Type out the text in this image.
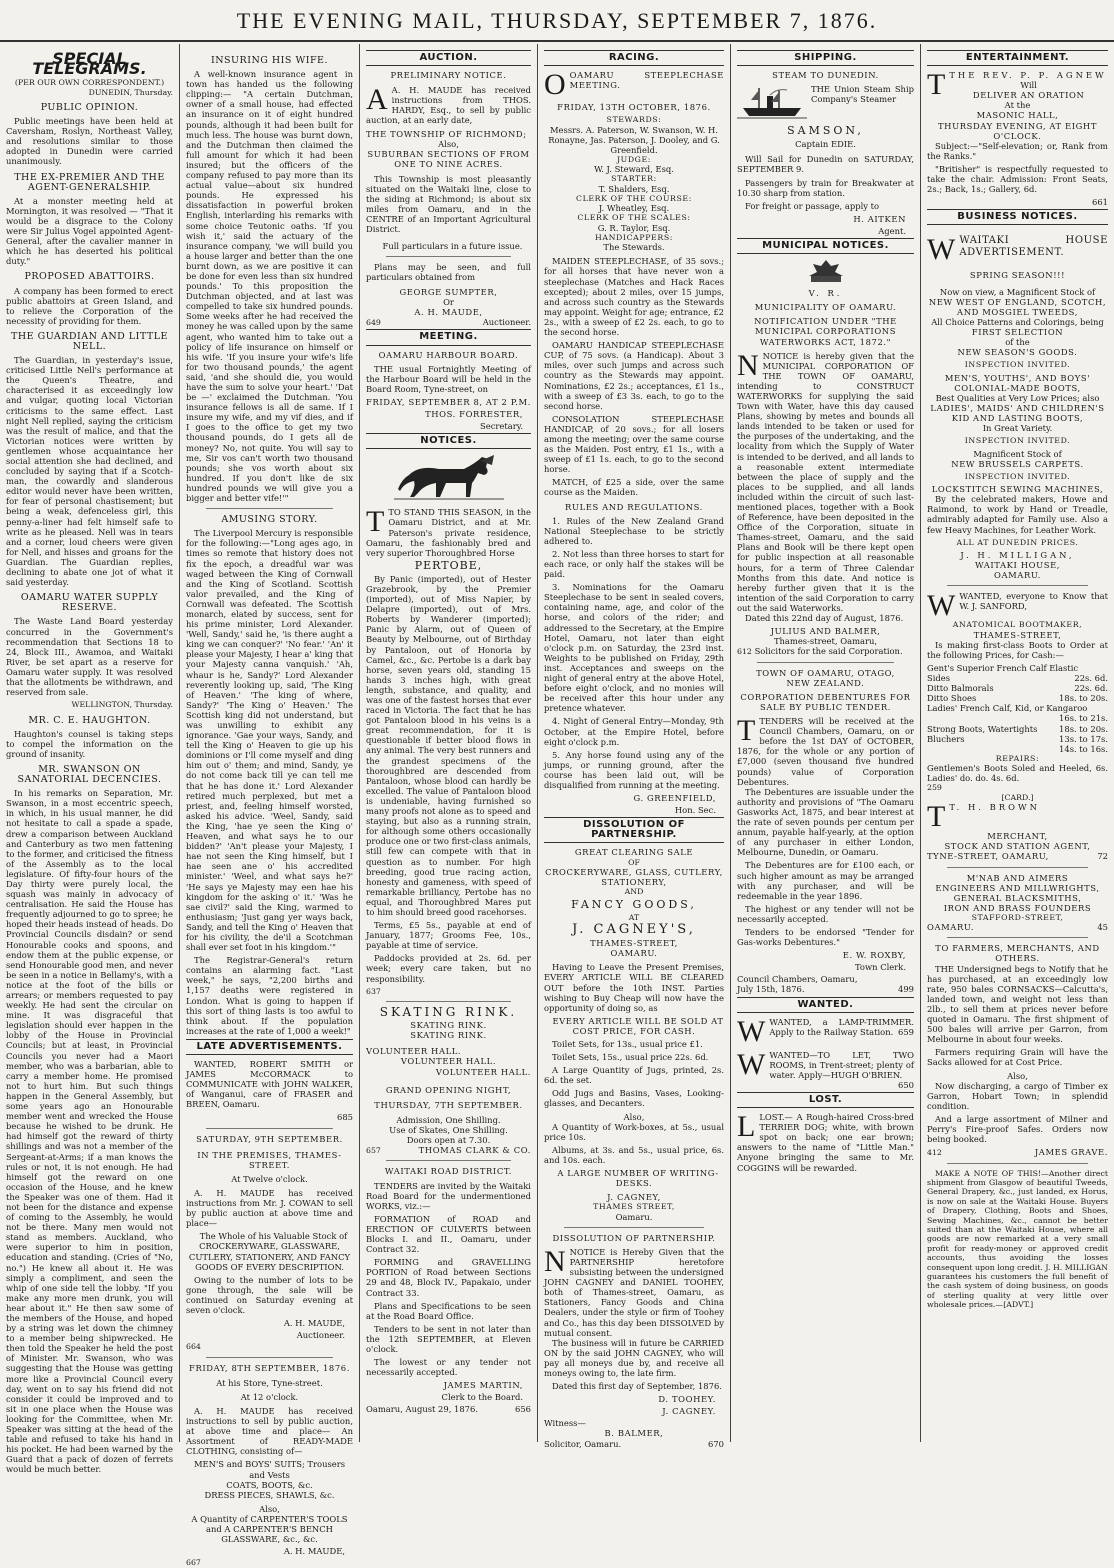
THE EVENING MAIL, THURSDAY, SEPTEMBER 7, 1876.
SPECIAL TELEGRAMS.
(PER OUR OWN CORRESPONDENT.)
DUNEDIN, Thursday.
PUBLIC OPINION.

Public meetings have been held at Caversham, Roslyn, Northeast Valley, and resolutions similar to those adopted in Dunedin were carried unanimously.

THE EX-PREMIER AND THE AGENT-GENERALSHIP.

At a monster meeting held at Mornington, it was resolved — "That it would be a disgrace to the Colony were Sir Julius Vogel appointed Agent-General, after the cavalier manner in which he has deserted his political duty."

PROPOSED ABATTOIRS.

A company has been formed to erect public abattoirs at Green Island, and to relieve the Corporation of the necessity of providing for them.

THE GUARDIAN AND LITTLE NELL.

The Guardian, in yesterday's issue, criticised Little Nell's performance at the Queen's Theatre, and characterised it as exceedingly low and vulgar, quoting local Victorian criticisms to the same effect. Last night Nell replied, saying the criticism was the result of malice, and that the Victorian notices were written by gentlemen whose acquaintance her social attention she had declined, and concluded by saying that if a Scotch-man, the cowardly and slanderous editor would never have been written, for fear of personal chastisement; but being a weak, defenceless girl, this penny-a-liner had felt himself safe to write as he pleased. Nell was in tears and a corner, loud cheers were given for Nell, and hisses and groans for the Guardian. The Guardian replies, declining to abate one jot of what it said yesterday.

OAMARU WATER SUPPLY RESERVE.

The Waste Land Board yesterday concurred in the Government's recommendation that Sections 18 to 24, Block III., Awamoa, and Waitaki River, be set apart as a reserve for Oamaru water supply. It was resolved that the allotments be withdrawn, and reserved from sale.

WELLINGTON, Thursday.
MR. C. E. HAUGHTON.

Haughton's counsel is taking steps to compel the information on the ground of insanity.

MR. SWANSON ON SANATORIAL DECENCIES.

In his remarks on Separation, Mr. Swanson, in a most eccentric speech, in which, in his usual manner, he did not hesitate to call a spade a spade, drew a comparison between Auckland and Canterbury as two men fattening to the former, and criticised the fitness of the Assembly as to the local legislature. Of fifty-four hours of the Day thirty were purely local, the squash was mainly in advocacy of centralisation. He said the House has frequently adjourned to go to spree; he hoped their heads instead of heads. Do Provincial Councils disdain? or send Honourable cooks and spoons, and endow them at the public expense, or send Honourable good men, and never be seen in a notice in Bellamy's, with a notice at the foot of the bills or arrears; or members requested to pay weekly. He had sent the circular on mine. It was disgraceful that legislation should ever happen in the lobby of the House in Provincial Councils; but at least, in Provincial Councils you never had a Maori member, who was a barbarian, able to carry a member home. He promised not to hurt him. But such things happen in the General Assembly, but some years ago an Honourable member went and wrecked the House because he wished to be drunk. He had himself got the reward of thirty shillings and was not a member of the Sergeant-at-Arms; if a man knows the rules or not, it is not enough. He had himself got the reward on one occasion of the House, and he knew the Speaker was one of them. Had it not been for the distance and expense of coming to the Assembly, he would not be there. Many men would not stand as members. Auckland, who were superior to him in position, education and standing. (Cries of "No, no.") He knew all about it. He was simply a compliment, and seen the whip of one side tell the lobby. "If you make any more men drunk, you will hear about it." He then saw some of the members of the House, and hoped by a string was let down the chimney to a member being shipwrecked. He then told the Speaker he held the post of Minister. Mr. Swanson, who was suggesting that the House was getting more like a Provincial Council every day, went on to say his friend did not consider it could be improved and to sit in one place when the House was looking for the Committee, when Mr. Speaker was sitting at the head of the table and refused to take his hand in his pocket. He had been warned by the Guard that a pack of dozen of ferrets would be much better.

INSURING HIS WIFE.

A well-known insurance agent in town has handed us the following clipping:— "A certain Dutchman, owner of a small house, had effected an insurance on it of eight hundred pounds, although it had been built for much less. The house was burnt down, and the Dutchman then claimed the full amount for which it had been insured; but the officers of the company refused to pay more than its actual value—about six hundred pounds. He expressed his dissatisfaction in powerful broken English, interlarding his remarks with some choice Teutonic oaths. 'If you wish it,' said the actuary of the insurance company, 'we will build you a house larger and better than the one burnt down, as we are positive it can be done for even less than six hundred pounds.' To this proposition the Dutchman objected, and at last was compelled to take six hundred pounds. Some weeks after he had received the money he was called upon by the same agent, who wanted him to take out a policy of life insurance on himself or his wife. 'If you insure your wife's life for two thousand pounds,' the agent said, 'and she should die, you would have the sum to solve your heart.' 'Dat be —' exclaimed the Dutchman. 'You insurance fellows is all de same. If I insure my wife, and my vif dies, and if I goes to the office to get my two thousand pounds, do I gets all de money? No, not quite. You will say to me, Sir vos can't worth two thousand pounds; she vos worth about six hundred. If you don't like de six hundred pounds we will give you a bigger and better vife!'"

AMUSING STORY.

The Liverpool Mercury is responsible for the following:—"Long ages ago, in times so remote that history does not fix the epoch, a dreadful war was waged between the King of Cornwall and the King of Scotland. Scottish valor prevailed, and the King of Cornwall was defeated. The Scottish monarch, elated by success, sent for his prime minister, Lord Alexander. 'Well, Sandy,' said he, 'is there aught a king we can conquer?' 'No fear.' 'An' it please your Majesty, I hear a' king that your Majesty canna vanquish.' 'Ah, whaur is he, Sandy?' Lord Alexander reverently looking up, said, 'The King of Heaven.' 'The king of where, Sandy?' 'The King o' Heaven.' The Scottish king did not understand, but was unwilling to exhibit any ignorance. 'Gae your ways, Sandy, and tell the King o' Heaven to gie up his dominions or I'll come myself and ding him out o' them; and mind, Sandy, ye do not come back till ye can tell me that he has done it.' Lord Alexander retired much perplexed, but met a priest, and, feeling himself worsted, asked his advice. 'Weel, Sandy, said the King, 'hae ye seen the King o' Heaven, and what says he to our bidden?' 'An't please your Majesty, I hae not seen the King himself, but I hae seen ane o' his accredited minister.' 'Weel, and what says he?' 'He says ye Majesty may een hae his kingdom for the asking o' it.' 'Was he sae civil?' said the King, warmed to enthusiasm; 'Just gang yer ways back, Sandy, and tell the King o' Heaven that for his civility, the de'il a Scotchman shall ever set foot in his kingdom.'"

The Registrar-General's return contains an alarming fact. "Last week," he says, "2,200 births and 1,157 deaths were registered in London. What is going to happen if this sort of thing lasts is too awful to think about. If the population increases at the rate of 1,000 a week!"

LATE ADVERTISEMENTS.

WANTED, ROBERT SMITH or JAMES McCORMACK to COMMUNICATE with JOHN WALKER, of Wanganui, care of FRASER and BREEN, Oamaru.

685
SATURDAY, 9TH SEPTEMBER.
IN THE PREMISES, THAMES-STREET.
At Twelve o'clock.

A. H. MAUDE has received instructions from Mr. J. COWAN to sell by public auction at above time and place—

The Whole of his Valuable Stock of CROCKERYWARE, GLASSWARE, CUTLERY, STATIONERY, AND FANCY GOODS OF EVERY DESCRIPTION.

Owing to the number of lots to be gone through, the sale will be continued on Saturday evening at seven o'clock.

A. H. MAUDE,
Auctioneer.
664
FRIDAY, 8TH SEPTEMBER, 1876.
At his Store, Tyne-street.
At 12 o'clock.

A. H. MAUDE has received instructions to sell by public auction, at above time and place— An Assortment of READY-MADE CLOTHING, consisting of—

MEN'S and BOYS' SUITS; Trousers and Vests
COATS, BOOTS, &c.
DRESS PIECES, SHAWLS, &c.
Also,
A Quantity of CARPENTER'S TOOLS and A CARPENTER'S BENCH
GLASSWARE, &c., &c.
A. H. MAUDE,
667
AUCTION.
PRELIMINARY NOTICE.
A A. H. MAUDE has received instructions from THOS. HARDY, Esq., to sell by public auction, at an early date,
THE TOWNSHIP OF RICHMOND;
Also,
SUBURBAN SECTIONS OF FROM ONE TO NINE ACRES.

This Township is most pleasantly situated on the Waitaki line, close to the siding at Richmond; is about six miles from Oamaru, and in the CENTRE of an Important Agricultural District.

Full particulars in a future issue.

Plans may be seen, and full particulars obtained from

GEORGE SUMPTER,
Or
A. H. MAUDE,
649	Auctioneer.
MEETING.
OAMARU HARBOUR BOARD.

THE usual Fortnightly Meeting of the Harbour Board will be held in the Board Room, Tyne-street, on

FRIDAY, SEPTEMBER 8, AT 2 P.M.
THOS. FORRESTER,
Secretary.
NOTICES.
T TO STAND THIS SEASON, in the Oamaru District, and at Mr. Paterson's private residence, Oamaru, the fashionably bred and very superior Thoroughbred Horse
PERTOBE,

By Panic (imported), out of Hester Grazebrook, by the Premier (imported), out of Miss Napier, by Delapre (imported), out of Mrs. Roberts by Wanderer (imported); Panic by Alarm, out of Queen of Beauty by Melbourne, out of Birthday by Pantaloon, out of Honoria by Camel, &c., &c. Pertobe is a dark bay horse, seven years old, standing 15 hands 3 inches high, with great length, substance, and quality, and was one of the fastest horses that ever raced in Victoria. The fact that he has got Pantaloon blood in his veins is a great recommendation, for it is questionable if better blood flows in any animal. The very best runners and the grandest specimens of the thoroughbred are descended from Pantaloon, whose blood can hardly be excelled. The value of Pantaloon blood is undeniable, having furnished so many proofs not alone as to speed and staying, but also as a running strain, for although some others occasionally produce one or two first-class animals, still few can compete with that in question as to number. For high breeding, good true racing action, honesty and gameness, with speed of remarkable brilliancy, Pertobe has no equal, and Thoroughbred Mares put to him should breed good racehorses.

Terms, £5 5s., payable at end of January, 1877; Grooms Fee, 10s., payable at time of service.

Paddocks provided at 2s. 6d. per week; every care taken, but no responsibility.

637
SKATING RINK.
SKATING RINK.
SKATING RINK.
VOLUNTEER HALL.
VOLUNTEER HALL.
VOLUNTEER HALL.
GRAND OPENING NIGHT,
THURSDAY, 7TH SEPTEMBER.
Admission, One Shilling.
Use of Skates, One Shilling.
Doors open at 7.30.
657	THOMAS CLARK & CO.
WAITAKI ROAD DISTRICT.

TENDERS are invited by the Waitaki Road Board for the undermentioned WORKS, viz.:—

FORMATION of ROAD and ERECTION OF CULVERTS between Blocks I. and II., Oamaru, under Contract 32.

FORMING and GRAVELLING PORTION of Road between Sections 29 and 48, Block IV., Papakaio, under Contract 33.

Plans and Specifications to be seen at the Road Board Office.

Tenders to be sent in not later than the 12th SEPTEMBER, at Eleven o'clock.

The lowest or any tender not necessarily accepted.

JAMES MARTIN,
Clerk to the Board.
Oamaru, August 29, 1876.	656
RACING.
O OAMARU STEEPLECHASE MEETING.
FRIDAY, 13TH OCTOBER, 1876.
STEWARDS:
Messrs. A. Paterson, W. Swanson, W. H. Ronayne, Jas. Paterson, J. Dooley, and G. Greenfield.
JUDGE:
W. J. Steward, Esq.
STARTER:
T. Shalders, Esq.
CLERK OF THE COURSE:
J. Wheatley, Esq.
CLERK OF THE SCALES:
G. R. Taylor, Esq.
HANDICAPPERS:
The Stewards.

MAIDEN STEEPLECHASE, of 35 sovs.; for all horses that have never won a steeplechase (Matches and Hack Races excepted); about 2 miles, over 15 jumps, and across such country as the Stewards may appoint. Weight for age; entrance, £2 2s., with a sweep of £2 2s. each, to go to the second horse.

OAMARU HANDICAP STEEPLECHASE CUP, of 75 sovs. (a Handicap). About 3 miles, over such jumps and across such country as the Stewards may appoint. Nominations, £2 2s.; acceptances, £1 1s., with a sweep of £3 3s. each, to go to the second horse.

CONSOLATION STEEPLECHASE HANDICAP, of 20 sovs.; for all losers among the meeting; over the same course as the Maiden. Post entry, £1 1s., with a sweep of £1 1s. each, to go to the second horse.

MATCH, of £25 a side, over the same course as the Maiden.

RULES AND REGULATIONS.

1. Rules of the New Zealand Grand National Steeplechase to be strictly adhered to.

2. Not less than three horses to start for each race, or only half the stakes will be paid.

3. Nominations for the Oamaru Steeplechase to be sent in sealed covers, containing name, age, and color of the horse, and colors of the rider; and addressed to the Secretary, at the Empire Hotel, Oamaru, not later than eight o'clock p.m. on Saturday, the 23rd inst. Weights to be published on Friday, 29th inst. Acceptances and sweeps on the night of general entry at the above Hotel, before eight o'clock, and no monies will be received after this hour under any pretence whatever.

4. Night of General Entry—Monday, 9th October, at the Empire Hotel, before eight o'clock p.m.

5. Any horse found using any of the jumps, or running ground, after the course has been laid out, will be disqualified from running at the meeting.

G. GREENFIELD,
Hon. Sec.
DISSOLUTION OF PARTNERSHIP.
GREAT CLEARING SALE
OF
CROCKERYWARE, GLASS, CUTLERY, STATIONERY,
AND
FANCY GOODS,
AT
J. CAGNEY'S,
THAMES-STREET,
OAMARU.

Having to Leave the Present Premises, EVERY ARTICLE WILL BE CLEARED OUT before the 10th INST. Parties wishing to Buy Cheap will now have the opportunity of doing so, as

EVERY ARTICLE WILL BE SOLD AT COST PRICE, FOR CASH.

Toilet Sets, for 13s., usual price £1.

Toilet Sets, 15s., usual price 22s. 6d.

A Large Quantity of Jugs, printed, 2s. 6d. the set.

Odd Jugs and Basins, Vases, Looking-glasses, and Decanters.

Also,

A Quantity of Work-boxes, at 5s., usual price 10s.

Albums, at 3s. and 5s., usual price, 6s. and 10s. each.

A LARGE NUMBER OF WRITING-DESKS.

J. CAGNEY,
THAMES STREET,
Oamaru.
DISSOLUTION OF PARTNERSHIP.
N NOTICE is Hereby Given that the PARTNERSHIP heretofore subsisting between the undersigned JOHN CAGNEY and DANIEL TOOHEY, both of Thames-street, Oamaru, as Stationers, Fancy Goods and China Dealers, under the style or firm of Toohey and Co., has this day been DISSOLVED by mutual consent.

The business will in future be CARRIED ON by the said JOHN CAGNEY, who will pay all moneys due by, and receive all moneys owing to, the late firm.

Dated this first day of September, 1876.

D. TOOHEY.
J. CAGNEY.
Witness—
B. BALMER,
Solicitor, Oamaru.	670
SHIPPING.
STEAM TO DUNEDIN.
THE Union Steam Ship Company's Steamer
SAMSON,
Captain EDIE.

Will Sail for Dunedin on SATURDAY, SEPTEMBER 9.

Passengers by train for Breakwater at 10.30 sharp from station.

For freight or passage, apply to

H. AITKEN
Agent.
MUNICIPAL NOTICES.
V. R.
MUNICIPALITY OF OAMARU.
NOTIFICATION UNDER "THE MUNICIPAL CORPORATIONS WATERWORKS ACT, 1872."
N NOTICE is hereby given that the MUNICIPAL CORPORATION OF THE TOWN OF OAMARU, intending to CONSTRUCT WATERWORKS for supplying the said Town with Water, have this day caused Plans, showing by metes and bounds all lands intended to be taken or used for the purposes of the undertaking, and the locality from which the Supply of Water is intended to be derived, and all lands to a reasonable extent intermediate between the place of supply and the places to be supplied, and all lands included within the circuit of such last-mentioned places, together with a Book of Reference, have been deposited in the Office of the Corporation, situate in Thames-street, Oamaru, and the said Plans and Book will be there kept open for public inspection at all reasonable hours, for a term of Three Calendar Months from this date. And notice is hereby further given that it is the intention of the said Corporation to carry out the said Waterworks.

Dated this 22nd day of August, 1876.

JULIUS AND BALMER,
Thames-street, Oamaru,
612 Solicitors for the said Corporation.
TOWN OF OAMARU, OTAGO,
NEW ZEALAND.
CORPORATION DEBENTURES FOR SALE BY PUBLIC TENDER.
T TENDERS will be received at the Council Chambers, Oamaru, on or before the 1st DAY of OCTOBER, 1876, for the whole or any portion of £7,000 (seven thousand five hundred pounds) value of Corporation Debentures.

The Debentures are issuable under the authority and provisions of "The Oamaru Gasworks Act, 1875, and bear interest at the rate of seven pounds per centum per annum, payable half-yearly, at the option of any purchaser in either London, Melbourne, Dunedin, or Oamaru.

The Debentures are for £100 each, or such higher amount as may be arranged with any purchaser, and will be redeemable in the year 1896.

The highest or any tender will not be necessarily accepted.

Tenders to be endorsed "Tender for Gas-works Debentures."

E. W. ROXBY,
Town Clerk.
Council Chambers, Oamaru,
July 15th, 1876.	499
WANTED.
W WANTED, a LAMP-TRIMMER. Apply to the Railway Station. 659
W WANTED—TO LET, TWO ROOMS, in Trent-street; plenty of water. Apply—HUGH O'BRIEN.
650
LOST.
L LOST.— A Rough-haired Cross-bred TERRIER DOG; white, with brown spot on back; one ear brown; answers to the name of "Little Man." Anyone bringing the same to Mr. COGGINS will be rewarded.
ENTERTAINMENT.
T THE REV. P. P. AGNEW
Will
DELIVER AN ORATION
At the
MASONIC HALL,
THURSDAY EVENING, AT EIGHT O'CLOCK.

Subject:—"Self-elevation; or, Rank from the Ranks."

"Britisher" is respectfully requested to take the chair. Admission: Front Seats, 2s.; Back, 1s.; Gallery, 6d.

661
BUSINESS NOTICES.
W WAITAKI HOUSE ADVERTISEMENT.
SPRING SEASON!!!
Now on view, a Magnificent Stock of
NEW WEST OF ENGLAND, SCOTCH, AND MOSGIEL TWEEDS,
All Choice Patterns and Colorings, being
FIRST SELECTION
of the
NEW SEASON'S GOODS.
INSPECTION INVITED.
MEN'S, YOUTHS', AND BOYS' COLONIAL-MADE BOOTS,
Best Qualities at Very Low Prices; also
LADIES', MAIDS' AND CHILDREN'S KID AND LASTING BOOTS,
In Great Variety.
INSPECTION INVITED.
Magnificent Stock of
NEW BRUSSELS CARPETS.
INSPECTION INVITED.
LOCKSTITCH SEWING MACHINES,

By the celebrated makers, Howe and Raimond, to work by Hand or Treadle, admirably adapted for Family use. Also a few Heavy Machines, for Leather Work.

ALL AT DUNEDIN PRICES.
J. H. MILLIGAN,
WAITAKI HOUSE,
OAMARU.
W WANTED, everyone to Know that W. J. SANFORD,
ANATOMICAL BOOTMAKER,
THAMES-STREET,

Is making first-class Boots to Order at the following Prices, for Cash:—

Gent's Superior French Calf Elastic
Sides	22s. 6d.
Ditto Balmorals	22s. 6d.
Ditto Shoes	18s. to 20s.
Ladies' French Calf, Kid, or Kangaroo
16s. to 21s.
Strong Boots, Watertights	18s. to 20s.
Bluchers	13s. to 17s.
14s. to 16s.
REPAIRS:
Gentlemen's Boots Soled and Heeled, 6s. Ladies' do. do. 4s. 6d.
259
[CARD.]
T T. H. BROWN
MERCHANT,
STOCK AND STATION AGENT,
TYNE-STREET, OAMARU,	72
M'NAB AND AIMERS
ENGINEERS AND MILLWRIGHTS,
GENERAL BLACKSMITHS,
IRON AND BRASS FOUNDERS
STAFFORD-STREET,
OAMARU.	45
TO FARMERS, MERCHANTS, AND OTHERS.

THE Undersigned begs to Notify that he has purchased, at an exceedingly low rate, 950 bales CORNSACKS—Calcutta's, landed town, and weight not less than 2lb., to sell them at prices never before quoted in Oamaru. The first shipment of 500 bales will arrive per Garron, from Melbourne in about four weeks.

Farmers requiring Grain will have the Sacks allowed for at Cost Price.

Also,

Now discharging, a cargo of Timber ex Garron, Hobart Town; in splendid condition.

And a large assortment of Milner and Perry's Fire-proof Safes. Orders now being booked.

412	JAMES GRAVE.

MAKE A NOTE OF THIS!—Another direct shipment from Glasgow of beautiful Tweeds, General Drapery, &c., just landed, ex Horus, is now on sale at the Waitaki House. Buyers of Drapery, Clothing, Boots and Shoes, Sewing Machines, &c., cannot be better suited than at the Waitaki House, where all goods are now remarked at a very small profit for ready-money or approved credit accounts, thus avoiding the losses consequent upon long credit. J. H. MILLIGAN guarantees his customers the full benefit of the cash system of doing business, on goods of sterling quality at very little over wholesale prices.—[ADVT.]
